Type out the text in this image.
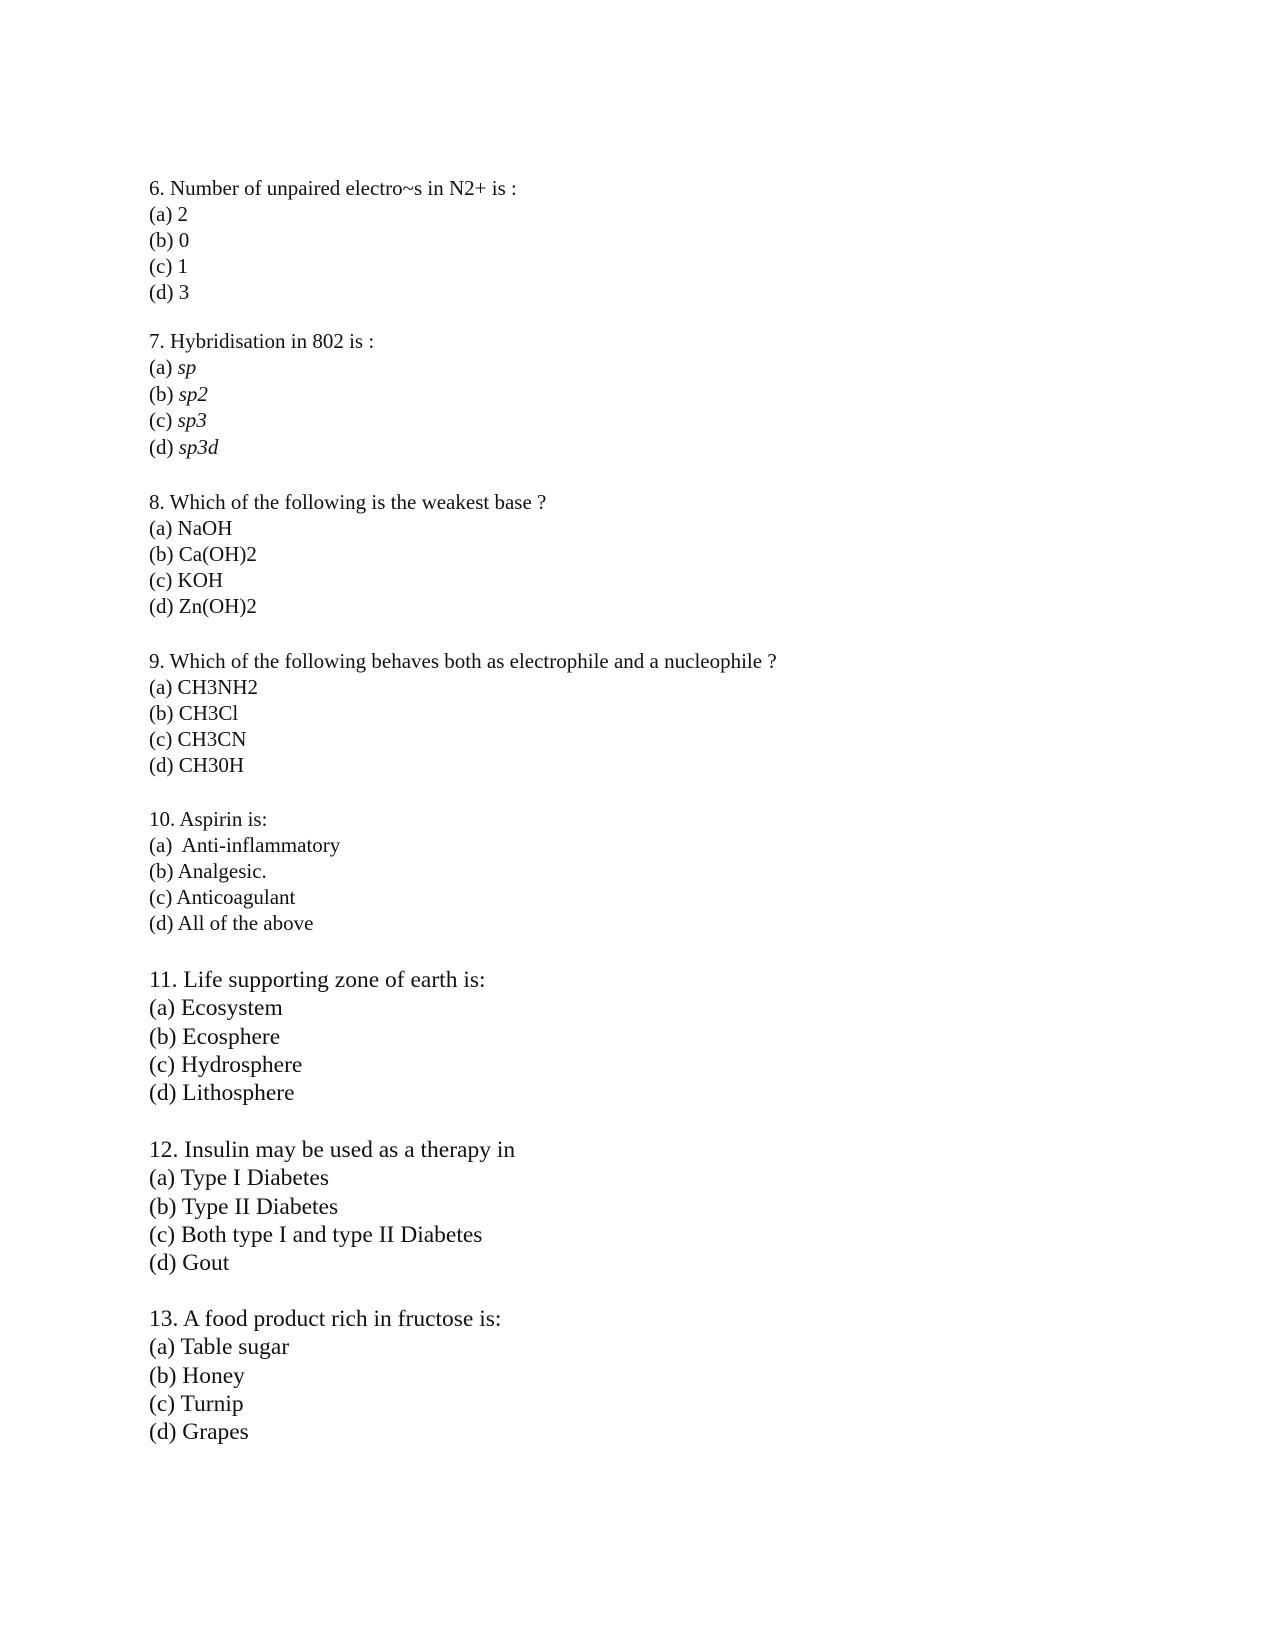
6. Number of unpaired electro~s in N2+ is :

(a) 2

(b) 0

(c) 1

(d) 3

7. Hybridisation in 802 is :

(a) sp

(b) sp2

(c) sp3

(d) sp3d

8. Which of the following is the weakest base ?

(a) NaOH

(b) Ca(OH)2

(c) KOH

(d) Zn(OH)2

9. Which of the following behaves both as electrophile and a nucleophile ?

(a) CH3NH2

(b) CH3Cl

(c) CH3CN

(d) CH30H

10. Aspirin is:

(a)  Anti-inflammatory

(b) Analgesic.

(c) Anticoagulant

(d) All of the above

11. Life supporting zone of earth is:

(a) Ecosystem

(b) Ecosphere

(c) Hydrosphere

(d) Lithosphere

12. Insulin may be used as a therapy in

(a) Type I Diabetes

(b) Type II Diabetes

(c) Both type I and type II Diabetes

(d) Gout

13. A food product rich in fructose is:

(a) Table sugar

(b) Honey

(c) Turnip

(d) Grapes
